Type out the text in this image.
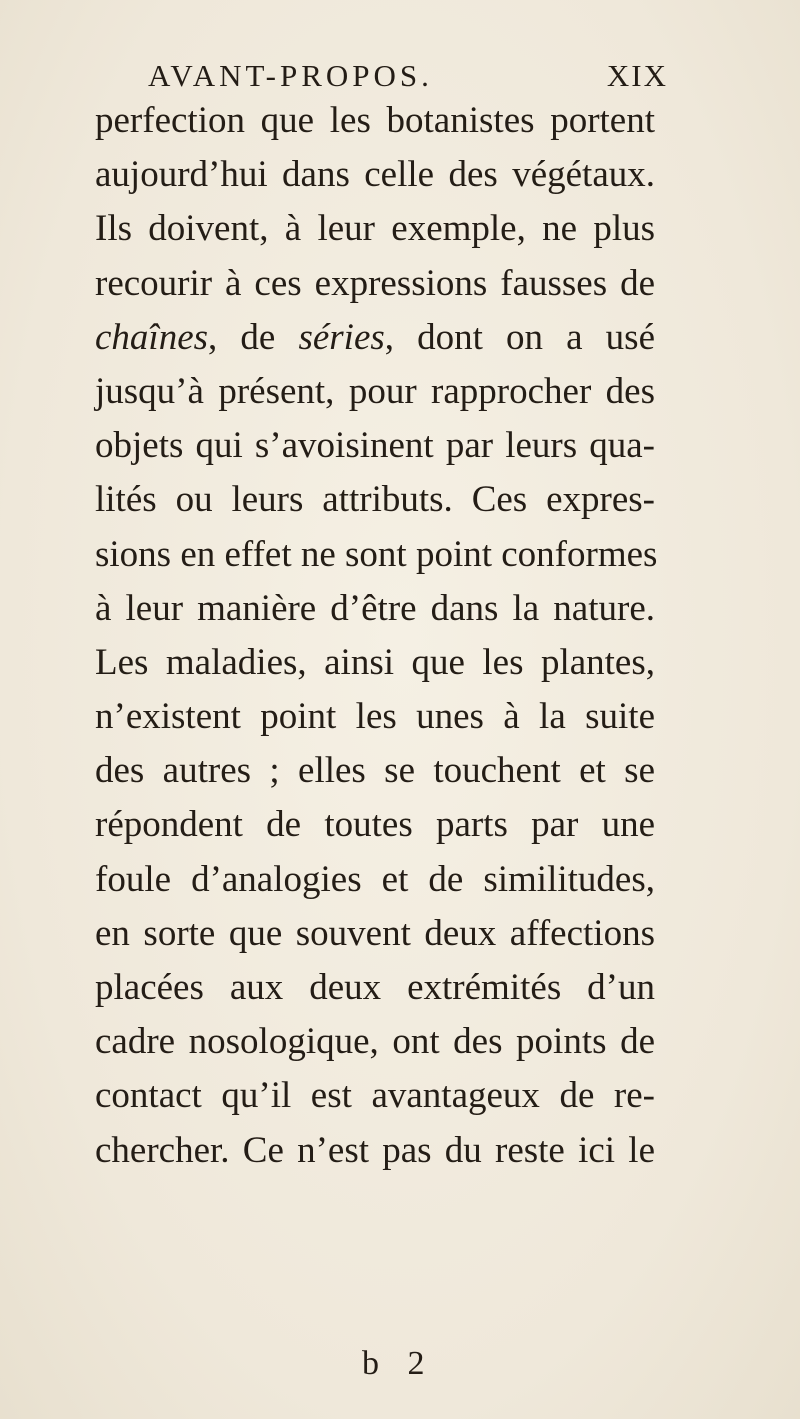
AVANT-PROPOS.	XIX
perfection que les botanistes portent
aujourd’hui dans celle des végétaux.
Ils doivent, à leur exemple, ne plus
recourir à ces expressions fausses de
chaînes, de séries, dont on a usé
jusqu’à présent, pour rapprocher des
objets qui s’avoisinent par leurs qua-
lités ou leurs attributs. Ces expres-
sions en effet ne sont point conformes
à leur manière d’être dans la nature.
Les maladies, ainsi que les plantes,
n’existent point les unes à la suite
des autres ; elles se touchent et se
répondent de toutes parts par une
foule d’analogies et de similitudes,
en sorte que souvent deux affections
placées aux deux extrémités d’un
cadre nosologique, ont des points de
contact qu’il est avantageux de re-
chercher. Ce n’est pas du reste ici le
b 2
